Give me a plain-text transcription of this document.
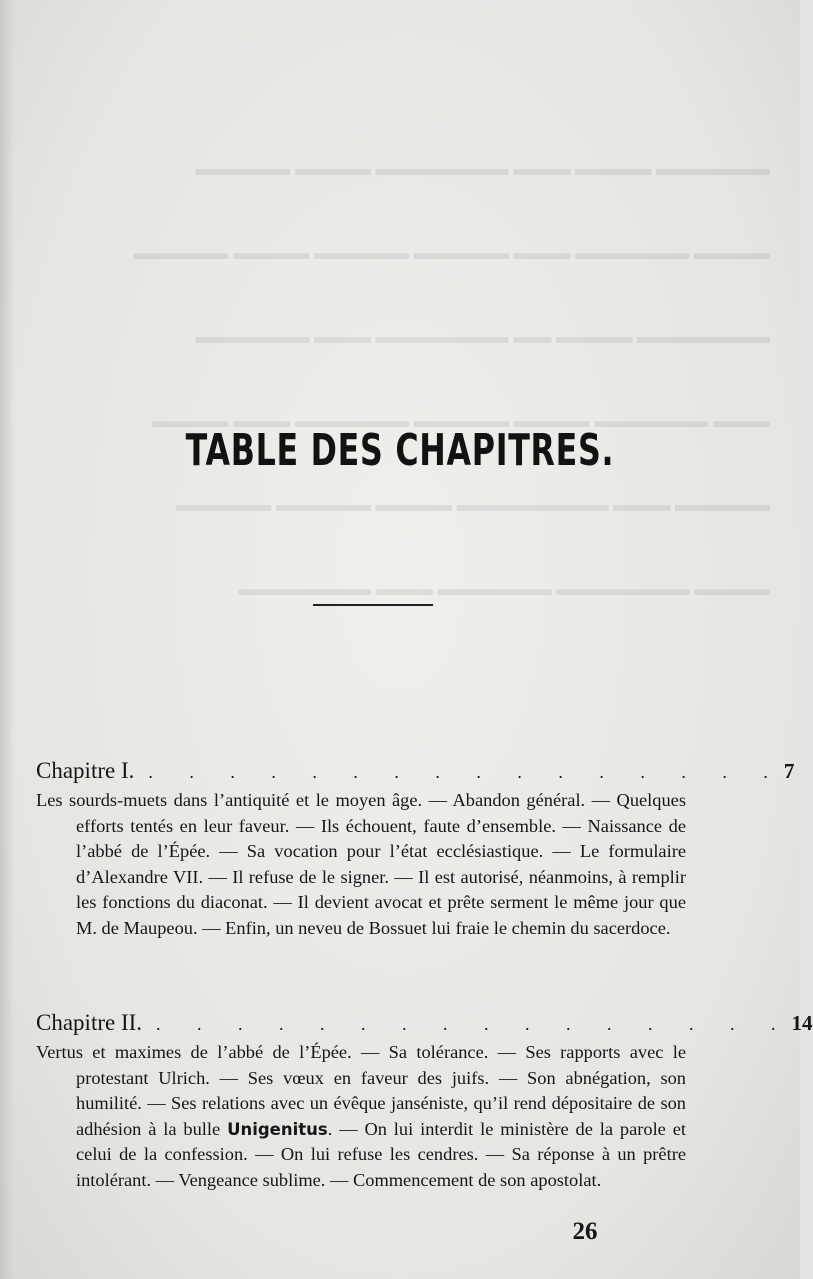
▬▬▬▬▬▬ ▬▬▬▬ ▬▬▬ ▬▬▬▬▬▬▬ ▬▬▬▬ ▬▬▬▬▬

▬▬▬▬ ▬▬▬▬▬▬ ▬▬▬ ▬▬▬▬▬ ▬▬▬▬▬ ▬▬▬▬ ▬▬▬▬▬

▬▬▬▬▬▬▬ ▬▬▬▬ ▬▬ ▬▬▬▬▬▬▬ ▬▬▬ ▬▬▬▬▬▬

▬▬▬ ▬▬▬▬▬▬ ▬▬▬▬ ▬▬▬▬▬ ▬▬▬▬▬▬ ▬▬▬ ▬▬▬▬

▬▬▬▬▬ ▬▬▬ ▬▬▬▬▬▬▬▬ ▬▬▬▬ ▬▬▬▬▬ ▬▬▬▬▬

▬▬▬▬ ▬▬▬▬▬▬▬ ▬▬▬▬▬▬ ▬▬▬ ▬▬▬▬▬▬▬

TABLE DES CHAPITRES.
Chapitre I. . . . . . . . . . . . . . . . . 7

Les sourds-muets dans l’antiquité et le moyen âge. — Abandon général. — Quelques efforts tentés en leur faveur. — Ils échouent, faute d’ensemble. — Naissance de l’abbé de l’Épée. — Sa vocation pour l’état ecclésiastique. — Le formulaire d’Alexandre VII. — Il refuse de le signer. — Il est autorisé, néanmoins, à remplir les fonctions du diaconat. — Il devient avocat et prête serment le même jour que M. de Maupeou. — Enfin, un neveu de Bossuet lui fraie le chemin du sacerdoce.

Chapitre II. . . . . . . . . . . . . . . . . 14

Vertus et maximes de l’abbé de l’Épée. — Sa tolérance. — Ses rapports avec le protestant Ulrich. — Ses vœux en faveur des juifs. — Son abnégation, son humilité. — Ses relations avec un évêque janséniste, qu’il rend dépositaire de son adhésion à la bulle Unigenitus. — On lui interdit le ministère de la parole et celui de la confession. — On lui refuse les cendres. — Sa réponse à un prêtre intolérant. — Vengeance sublime. — Commencement de son apostolat.

26
